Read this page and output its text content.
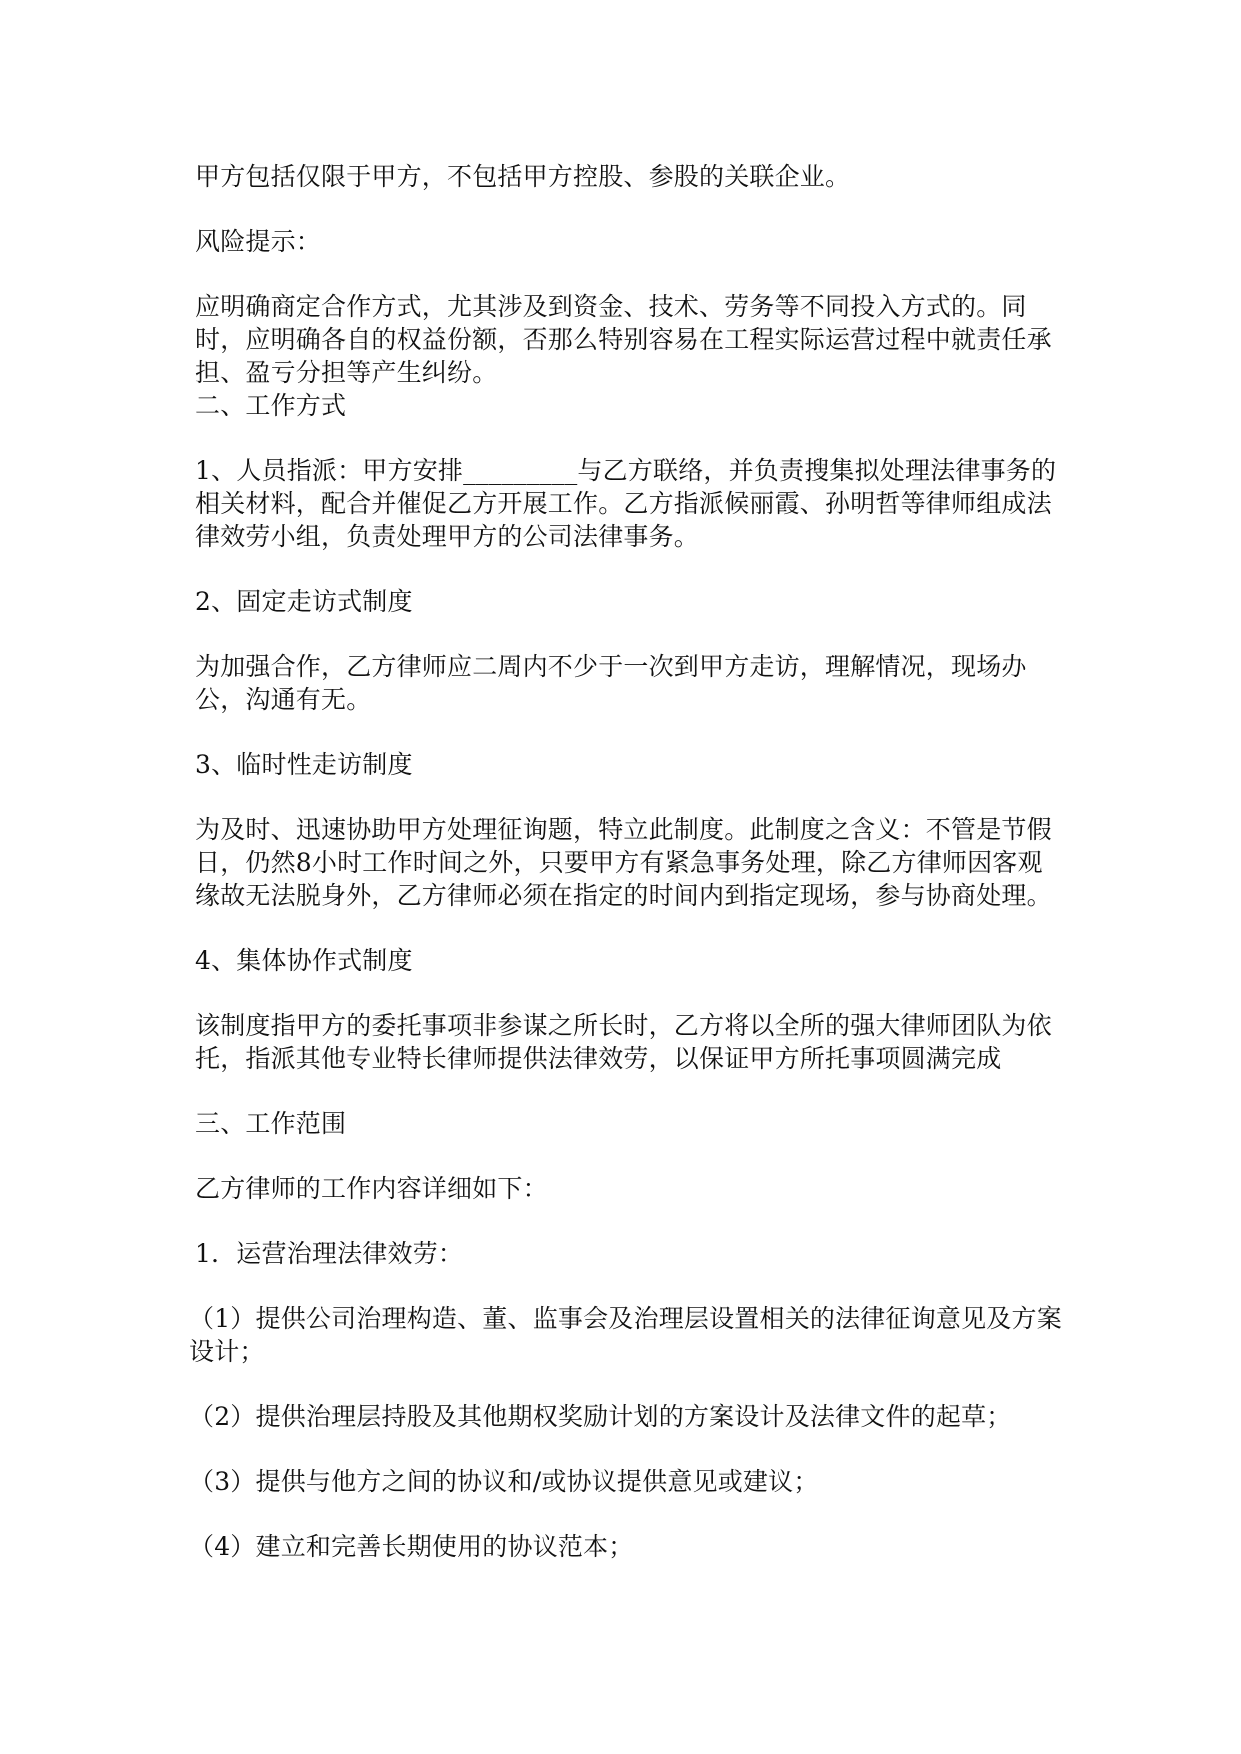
甲方包括仅限于甲方，不包括甲方控股、参股的关联企业。

风险提示：

应明确商定合作方式，尤其涉及到资金、技术、劳务等不同投入方式的。同时，应明确各自的权益份额，否那么特别容易在工程实际运营过程中就责任承担、盈亏分担等产生纠纷。

二、工作方式

1、人员指派：甲方安排_________与乙方联络，并负责搜集拟处理法律事务的相关材料，配合并催促乙方开展工作。乙方指派候丽霞、孙明哲等律师组成法律效劳小组，负责处理甲方的公司法律事务。

2、固定走访式制度

为加强合作，乙方律师应二周内不少于一次到甲方走访，理解情况，现场办公，沟通有无。

3、临时性走访制度

为及时、迅速协助甲方处理征询题，特立此制度。此制度之含义：不管是节假日，仍然8小时工作时间之外，只要甲方有紧急事务处理，除乙方律师因客观缘故无法脱身外，乙方律师必须在指定的时间内到指定现场，参与协商处理。

4、集体协作式制度

该制度指甲方的委托事项非参谋之所长时，乙方将以全所的强大律师团队为依托，指派其他专业特长律师提供法律效劳，以保证甲方所托事项圆满完成

三、工作范围

乙方律师的工作内容详细如下：

1．运营治理法律效劳：

（1）提供公司治理构造、董、监事会及治理层设置相关的法律征询意见及方案设计；

（2）提供治理层持股及其他期权奖励计划的方案设计及法律文件的起草；

（3）提供与他方之间的协议和/或协议提供意见或建议；

（4）建立和完善长期使用的协议范本；
